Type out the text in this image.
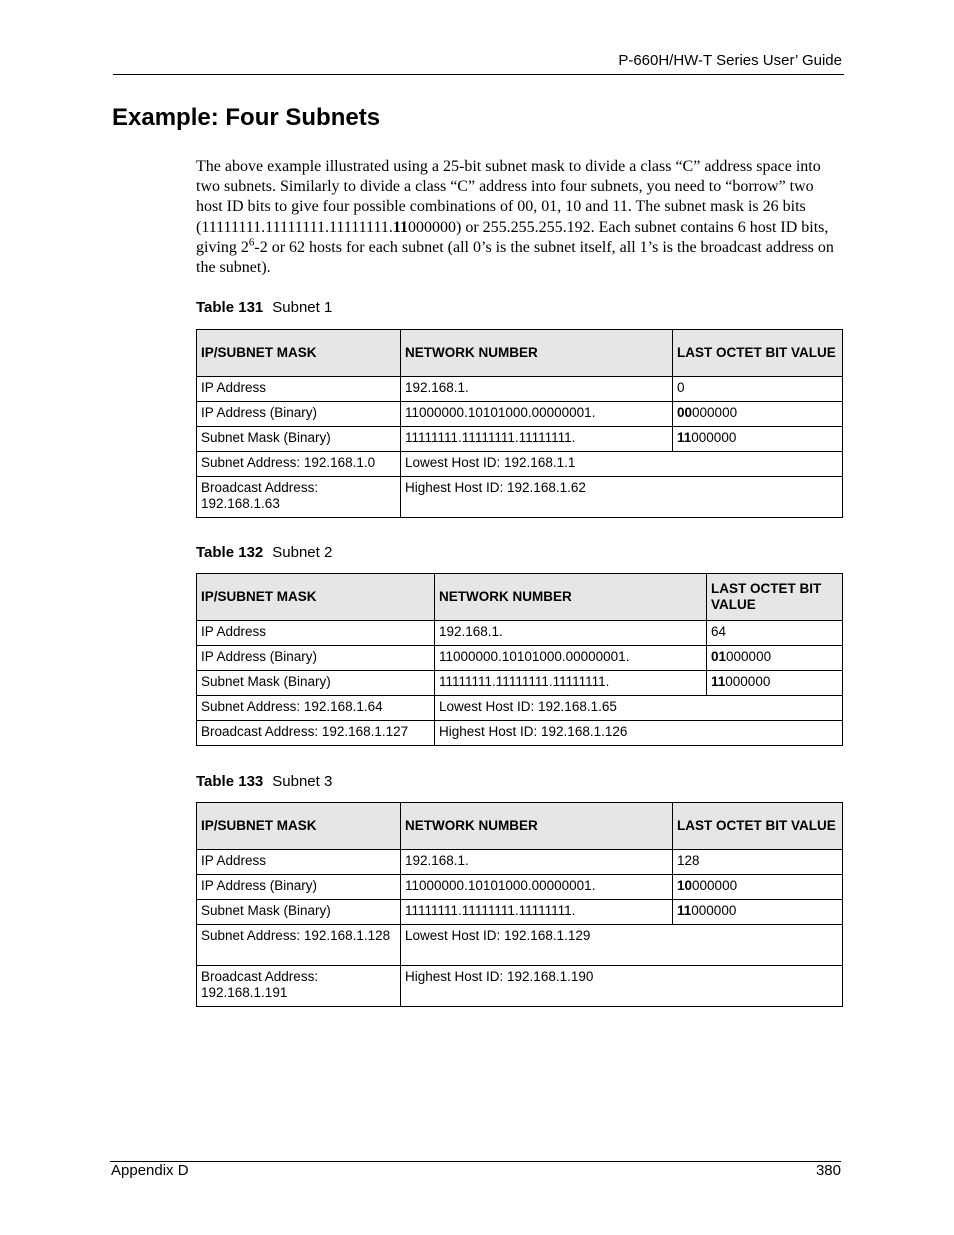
P-660H/HW-T Series User’ Guide
Example: Four Subnets

The above example illustrated using a 25-bit subnet mask to divide a class “C” address space into two subnets. Similarly to divide a class “C” address into four subnets, you need to “borrow” two host ID bits to give four possible combinations of 00, 01, 10 and 11. The subnet mask is 26 bits (11111111.11111111.11111111.11000000) or 255.255.255.192. Each subnet contains 6 host ID bits, giving $2^6-2$ or 62 hosts for each subnet (all 0’s is the subnet itself, all 1’s is the broadcast address on the subnet).

Table 131 Subnet 1
IP/SUBNET MASK	NETWORK NUMBER	LAST OCTET BIT VALUE
IP Address	192.168.1.	0
IP Address (Binary)	11000000.10101000.00000001.	00000000
Subnet Mask (Binary)	11111111.11111111.11111111.	11000000
Subnet Address: 192.168.1.0	Lowest Host ID: 192.168.1.1	
Broadcast Address: 192.168.1.63	Highest Host ID: 192.168.1.62	
Table 132 Subnet 2
IP/SUBNET MASK	NETWORK NUMBER	LAST OCTET BIT VALUE
IP Address	192.168.1.	64
IP Address (Binary)	11000000.10101000.00000001.	01000000
Subnet Mask (Binary)	11111111.11111111.11111111.	11000000
Subnet Address: 192.168.1.64	Lowest Host ID: 192.168.1.65	
Broadcast Address: 192.168.1.127	Highest Host ID: 192.168.1.126	
Table 133 Subnet 3
IP/SUBNET MASK	NETWORK NUMBER	LAST OCTET BIT VALUE
IP Address	192.168.1.	128
IP Address (Binary)	11000000.10101000.00000001.	10000000
Subnet Mask (Binary)	11111111.11111111.11111111.	11000000
Subnet Address: 192.168.1.128	Lowest Host ID: 192.168.1.129	
Broadcast Address: 192.168.1.191	Highest Host ID: 192.168.1.190	
Appendix D	380
